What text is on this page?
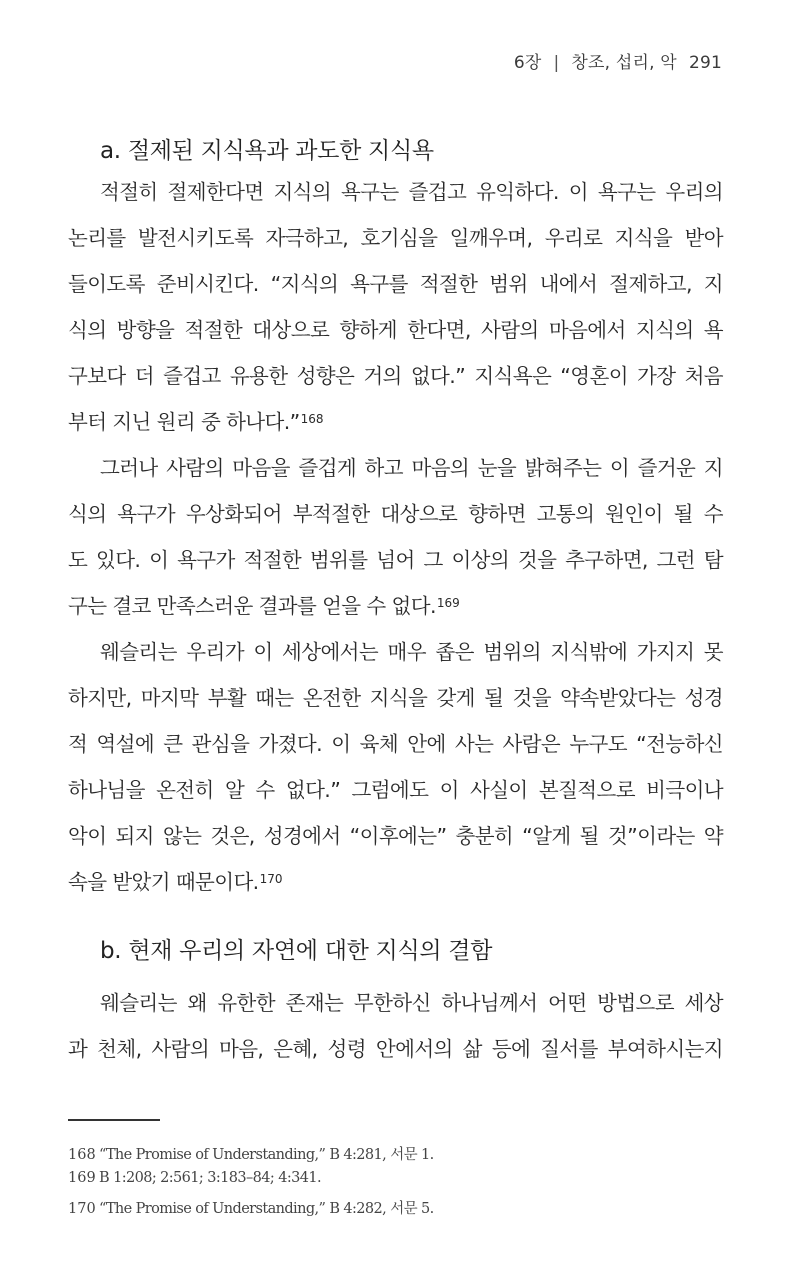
6장 | 창조, 섭리, 악 291
a. 절제된 지식욕과 과도한 지식욕
적절히 절제한다면 지식의 욕구는 즐겁고 유익하다. 이 욕구는 우리의
논리를 발전시키도록 자극하고, 호기심을 일깨우며, 우리로 지식을 받아
들이도록 준비시킨다. “지식의 욕구를 적절한 범위 내에서 절제하고, 지
식의 방향을 적절한 대상으로 향하게 한다면, 사람의 마음에서 지식의 욕
구보다 더 즐겁고 유용한 성향은 거의 없다.” 지식욕은 “영혼이 가장 처음
부터 지닌 원리 중 하나다.”$^{168}$
그러나 사람의 마음을 즐겁게 하고 마음의 눈을 밝혀주는 이 즐거운 지
식의 욕구가 우상화되어 부적절한 대상으로 향하면 고통의 원인이 될 수
도 있다. 이 욕구가 적절한 범위를 넘어 그 이상의 것을 추구하면, 그런 탐
구는 결코 만족스러운 결과를 얻을 수 없다.$^{169}$
웨슬리는 우리가 이 세상에서는 매우 좁은 범위의 지식밖에 가지지 못
하지만, 마지막 부활 때는 온전한 지식을 갖게 될 것을 약속받았다는 성경
적 역설에 큰 관심을 가졌다. 이 육체 안에 사는 사람은 누구도 “전능하신
하나님을 온전히 알 수 없다.” 그럼에도 이 사실이 본질적으로 비극이나
악이 되지 않는 것은, 성경에서 “이후에는” 충분히 “알게 될 것”이라는 약
속을 받았기 때문이다.$^{170}$
b. 현재 우리의 자연에 대한 지식의 결함
웨슬리는 왜 유한한 존재는 무한하신 하나님께서 어떤 방법으로 세상
과 천체, 사람의 마음, 은혜, 성령 안에서의 삶 등에 질서를 부여하시는지
168 “The Promise of Understanding,” B 4:281, 서문 1.
169 B 1:208; 2:561; 3:183–84; 4:341.
170 “The Promise of Understanding,” B 4:282, 서문 5.
